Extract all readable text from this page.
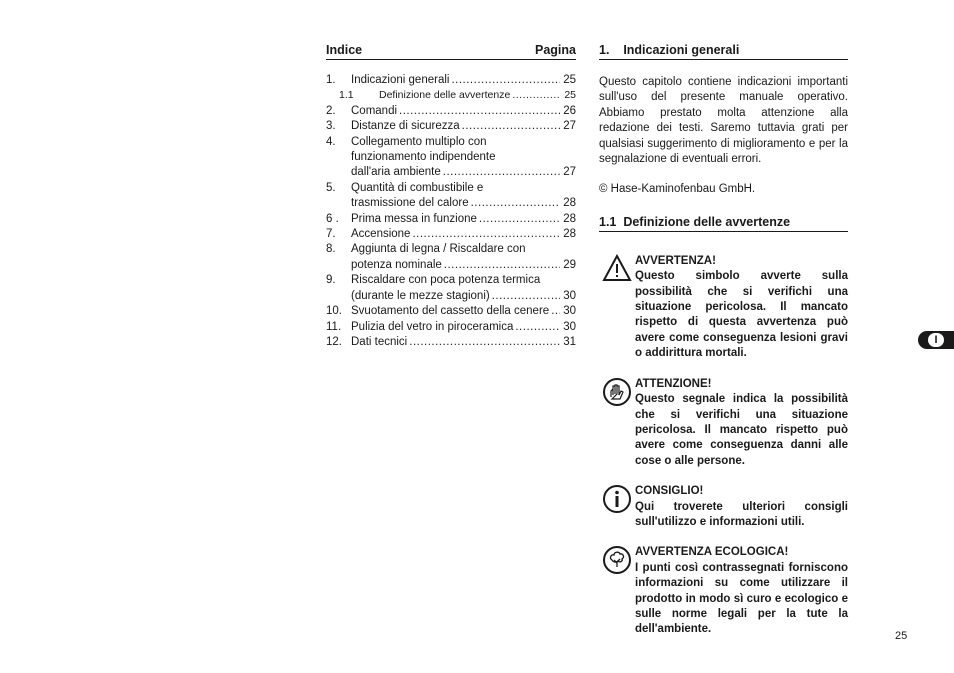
Indice	Pagina
1.	Indicazioni generali .....	25
1.1	Definizione delle avvertenze .....	25
2.	Comandi .....	26
3.	Distanze di sicurezza .....	27
4.	Collegamento multiplo con
funzionamento indipendente
dall'aria ambiente .....	27
5.	Quantità di combustibile e
trasmissione del calore .....	28
6 .	Prima messa in funzione .....	28
7.	Accensione .....	28
8.	Aggiunta di legna / Riscaldare con
potenza nominale .....	29
9.	Riscaldare con poca potenza termica
(durante le mezze stagioni) .....	30
10. Svuotamento del cassetto della cenere ..... 30
11. Pulizia del vetro in piroceramica .....	30
12. Dati tecnici .....	31
1.    Indicazioni generali
Questo capitolo contiene indicazioni importanti sull'uso del presente manuale operativo. Abbiamo prestato molta attenzione alla redazione dei testi. Saremo tuttavia grati per qualsiasi suggerimento di miglioramento e per la segnalazione di eventuali errori.
© Hase-Kaminofenbau GmbH.
1.1  Definizione delle avvertenze
AVVERTENZA!
Questo simbolo avverte sulla possibilità che si verifichi una situazione pericolosa. Il mancato rispetto di questa avvertenza può avere come conseguenza lesioni gravi o addirittura mortali.
ATTENZIONE!
Questo segnale indica la possibilità che si verifichi una situazione pericolosa. Il mancato rispetto può avere come conseguenza danni alle cose o alle persone.
CONSIGLIO!
Qui troverete ulteriori consigli sull'utilizzo e informazioni utili.
AVVERTENZA ECOLOGICA!
I punti così contrassegnati forniscono informazioni su come utilizzare il prodotto in modo sì curo e ecologico e sulle norme legali per la tute la dell'ambiente.
I
25
